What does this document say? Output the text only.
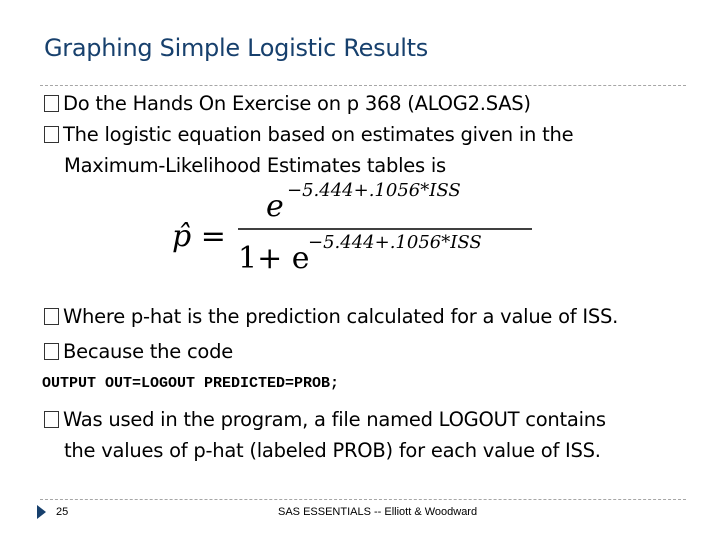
Graphing Simple Logistic Results
Do the Hands On Exercise on p 368 (ALOG2.SAS)
The logistic equation based on estimates given in the
Maximum-Likelihood Estimates tables is
p̂ =
e −5.444+.1056*ISS
1+ e
−5.444+.1056*ISS
Where p-hat is the prediction calculated for a value of ISS.
Because the code
OUTPUT OUT=LOGOUT PREDICTED=PROB;
Was used in the program, a file named LOGOUT contains
the values of p-hat (labeled PROB) for each value of ISS.
25	SAS ESSENTIALS -- Elliott & Woodward
